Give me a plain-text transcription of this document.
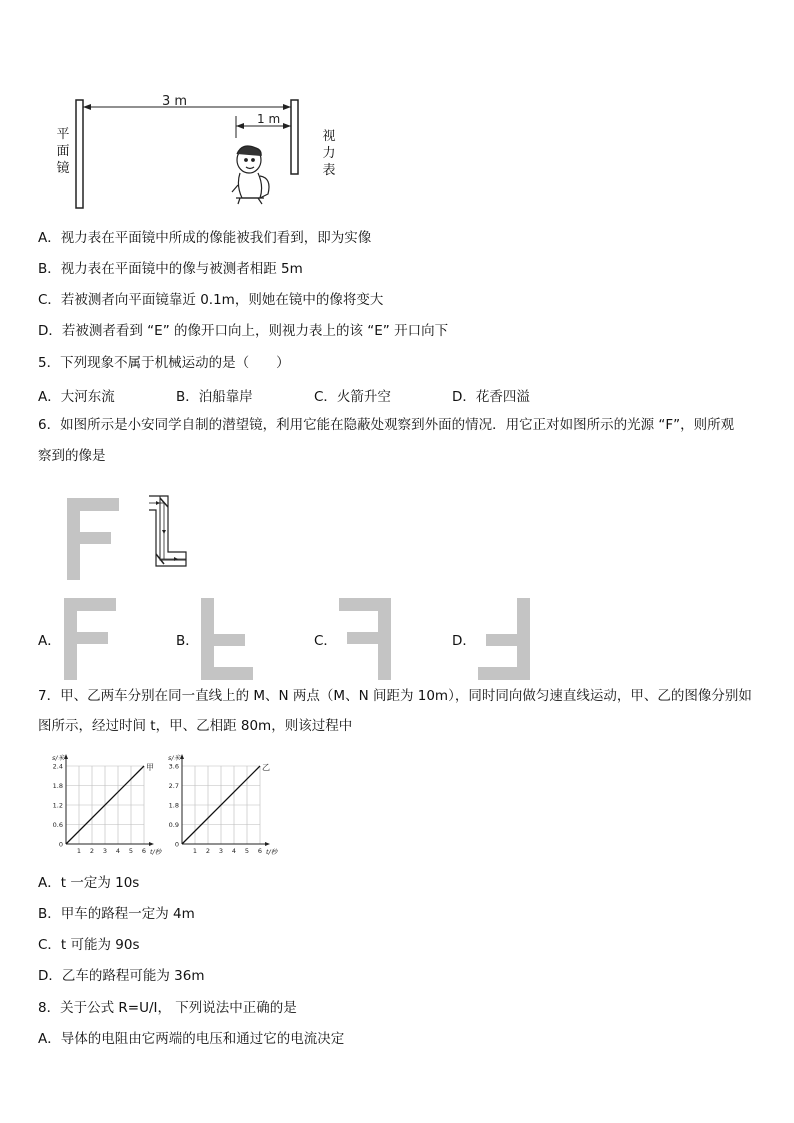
3 m
1 m
平
面
镜
视
力
表
A．视力表在平面镜中所成的像能被我们看到，即为实像
B．视力表在平面镜中的像与被测者相距 5m
C．若被测者向平面镜靠近 0.1m，则她在镜中的像将变大
D．若被测者看到 “E” 的像开口向上，则视力表上的该 “E” 开口向下
5．下列现象不属于机械运动的是（　　）
A．大河东流	B．泊船靠岸	C．火箭升空	D．花香四溢
6．如图所示是小安同学自制的潜望镜，利用它能在隐蔽处观察到外面的情况．用它正对如图所示的光源 “F”，则所观
察到的像是
A．	B．	C．	D．
7．甲、乙两车分别在同一直线上的 M、N 两点（M、N 间距为 10m），同时同向做匀速直线运动，甲、乙的图像分别如
图所示，经过时间 t，甲、乙相距 80m，则该过程中
1 2 3 4 5 6
0
0.6
1.2
1.8
2.4
s/米
t/秒
甲
1 2 3 4 5 6
0
0.9
1.8
2.7
3.6
s/米
t/秒
乙
A．t 一定为 10s
B．甲车的路程一定为 4m
C．t 可能为 90s
D．乙车的路程可能为 36m
8．关于公式 R=U/I， 下列说法中正确的是
A．导体的电阻由它两端的电压和通过它的电流决定
